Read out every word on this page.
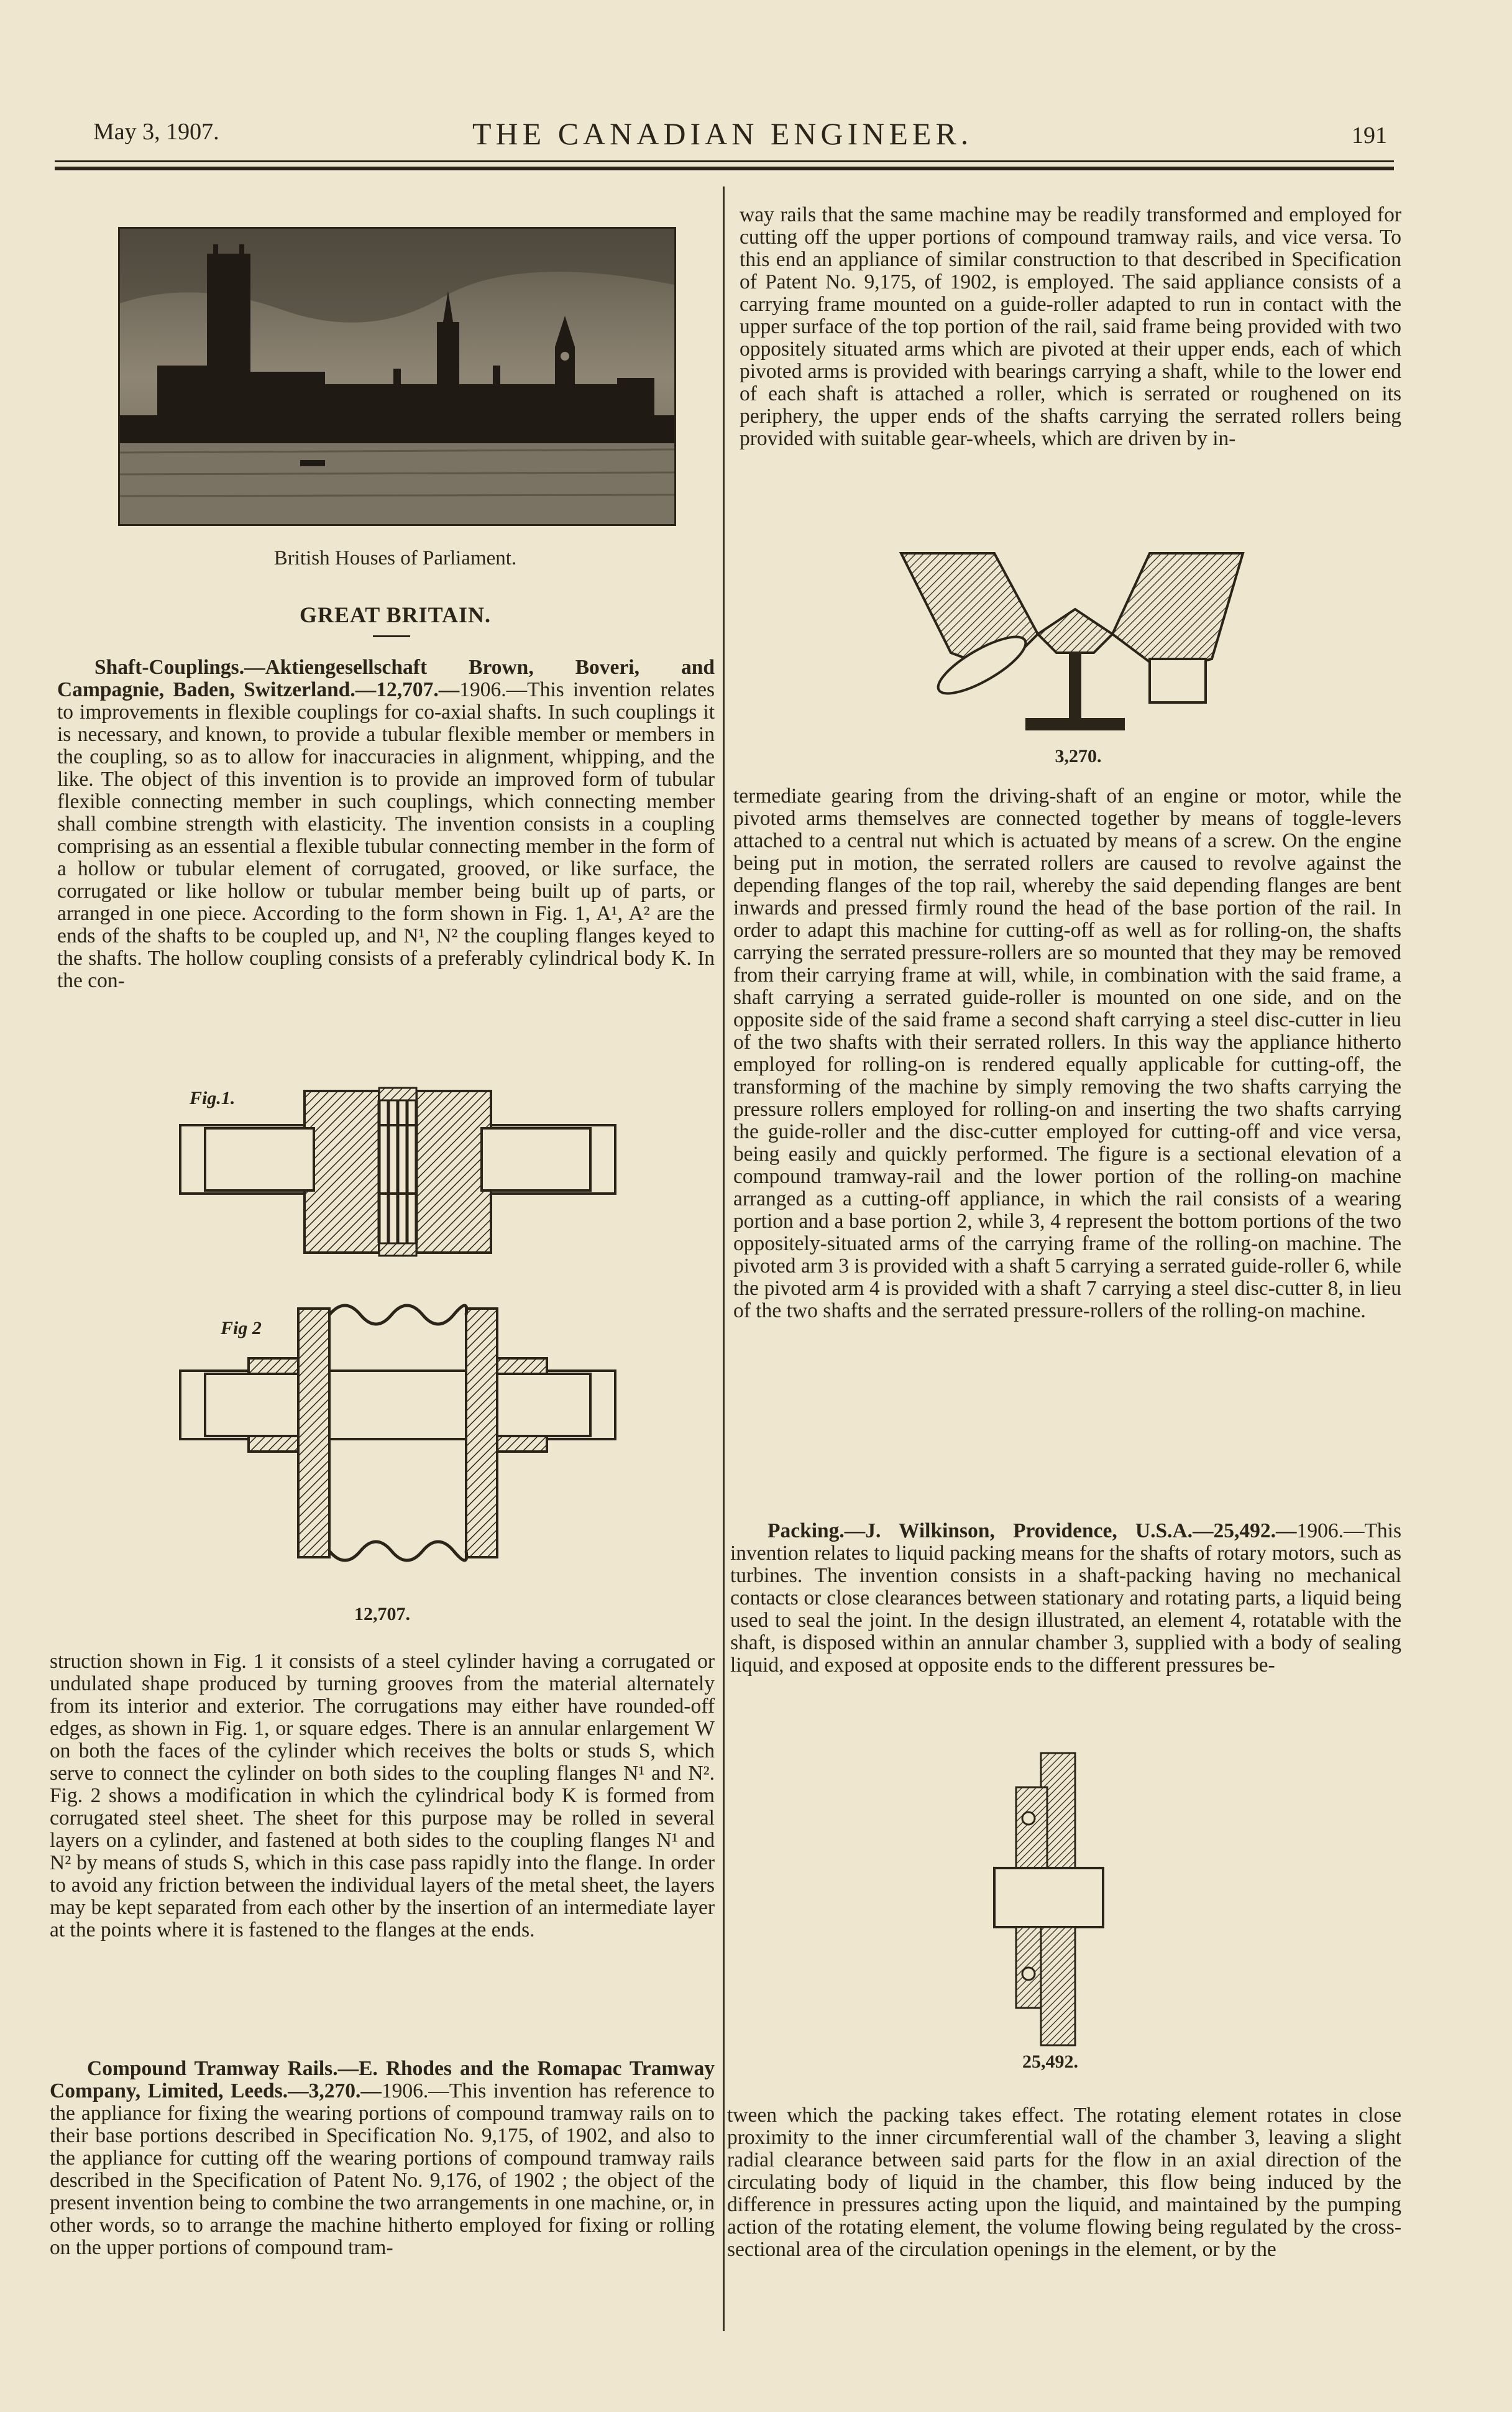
May 3, 1907.	THE CANADIAN ENGINEER.	191
British Houses of Parliament.
GREAT BRITAIN.

Shaft-Couplings.—Aktiengesellschaft Brown, Boveri, and Campagnie, Baden, Switzerland.—12,707.—1906.—This invention relates to improvements in flexible couplings for co-axial shafts. In such couplings it is necessary, and known, to provide a tubular flexible member or members in the coupling, so as to allow for inaccuracies in alignment, whipping, and the like. The object of this invention is to provide an improved form of tubular flexible connecting member in such couplings, which connecting member shall combine strength with elasticity. The invention consists in a coupling comprising as an essential a flexible tubular connecting member in the form of a hollow or tubular element of corrugated, grooved, or like surface, the corrugated or like hollow or tubular member being built up of parts, or arranged in one piece. According to the form shown in Fig. 1, A¹, A² are the ends of the shafts to be coupled up, and N¹, N² the coupling flanges keyed to the shafts. The hollow coupling consists of a preferably cylindrical body K. In the con-

Fig.1.
Fig 2
12,707.

struction shown in Fig. 1 it consists of a steel cylinder having a corrugated or undulated shape produced by turning grooves from the material alternately from its interior and exterior. The corrugations may either have rounded-off edges, as shown in Fig. 1, or square edges. There is an annular enlargement W on both the faces of the cylinder which receives the bolts or studs S, which serve to connect the cylinder on both sides to the coupling flanges N¹ and N². Fig. 2 shows a modification in which the cylindrical body K is formed from corrugated steel sheet. The sheet for this purpose may be rolled in several layers on a cylinder, and fastened at both sides to the coupling flanges N¹ and N² by means of studs S, which in this case pass rapidly into the flange. In order to avoid any friction between the individual layers of the metal sheet, the layers may be kept separated from each other by the insertion of an intermediate layer at the points where it is fastened to the flanges at the ends.

Compound Tramway Rails.—E. Rhodes and the Romapac Tramway Company, Limited, Leeds.—3,270.—1906.—This invention has reference to the appliance for fixing the wearing portions of compound tramway rails on to their base portions described in Specification No. 9,175, of 1902, and also to the appliance for cutting off the wearing portions of compound tramway rails described in the Specification of Patent No. 9,176, of 1902 ; the object of the present invention being to combine the two arrangements in one machine, or, in other words, so to arrange the machine hitherto employed for fixing or rolling on the upper portions of compound tram-

way rails that the same machine may be readily transformed and employed for cutting off the upper portions of compound tramway rails, and vice versa. To this end an appliance of similar construction to that described in Specification of Patent No. 9,175, of 1902, is employed. The said appliance consists of a carrying frame mounted on a guide-roller adapted to run in contact with the upper surface of the top portion of the rail, said frame being provided with two oppositely situated arms which are pivoted at their upper ends, each of which pivoted arms is provided with bearings carrying a shaft, while to the lower end of each shaft is attached a roller, which is serrated or roughened on its periphery, the upper ends of the shafts carrying the serrated rollers being provided with suitable gear-wheels, which are driven by in-

3,270.

termediate gearing from the driving-shaft of an engine or motor, while the pivoted arms themselves are connected together by means of toggle-levers attached to a central nut which is actuated by means of a screw. On the engine being put in motion, the serrated rollers are caused to revolve against the depending flanges of the top rail, whereby the said depending flanges are bent inwards and pressed firmly round the head of the base portion of the rail. In order to adapt this machine for cutting-off as well as for rolling-on, the shafts carrying the serrated pressure-rollers are so mounted that they may be removed from their carrying frame at will, while, in combination with the said frame, a shaft carrying a serrated guide-roller is mounted on one side, and on the opposite side of the said frame a second shaft carrying a steel disc-cutter in lieu of the two shafts with their serrated rollers. In this way the appliance hitherto employed for rolling-on is rendered equally applicable for cutting-off, the transforming of the machine by simply removing the two shafts carrying the pressure rollers employed for rolling-on and inserting the two shafts carrying the guide-roller and the disc-cutter employed for cutting-off and vice versa, being easily and quickly performed. The figure is a sectional elevation of a compound tramway-rail and the lower portion of the rolling-on machine arranged as a cutting-off appliance, in which the rail consists of a wearing portion and a base portion 2, while 3, 4 represent the bottom portions of the two oppositely-situated arms of the carrying frame of the rolling-on machine. The pivoted arm 3 is provided with a shaft 5 carrying a serrated guide-roller 6, while the pivoted arm 4 is provided with a shaft 7 carrying a steel disc-cutter 8, in lieu of the two shafts and the serrated pressure-rollers of the rolling-on machine.

Packing.—J. Wilkinson, Providence, U.S.A.—25,492.—1906.—This invention relates to liquid packing means for the shafts of rotary motors, such as turbines. The invention consists in a shaft-packing having no mechanical contacts or close clearances between stationary and rotating parts, a liquid being used to seal the joint. In the design illustrated, an element 4, rotatable with the shaft, is disposed within an annular chamber 3, supplied with a body of sealing liquid, and exposed at opposite ends to the different pressures be-

25,492.

tween which the packing takes effect. The rotating element rotates in close proximity to the inner circumferential wall of the chamber 3, leaving a slight radial clearance between said parts for the flow in an axial direction of the circulating body of liquid in the chamber, this flow being induced by the difference in pressures acting upon the liquid, and maintained by the pumping action of the rotating element, the volume flowing being regulated by the cross-sectional area of the circulation openings in the element, or by the
